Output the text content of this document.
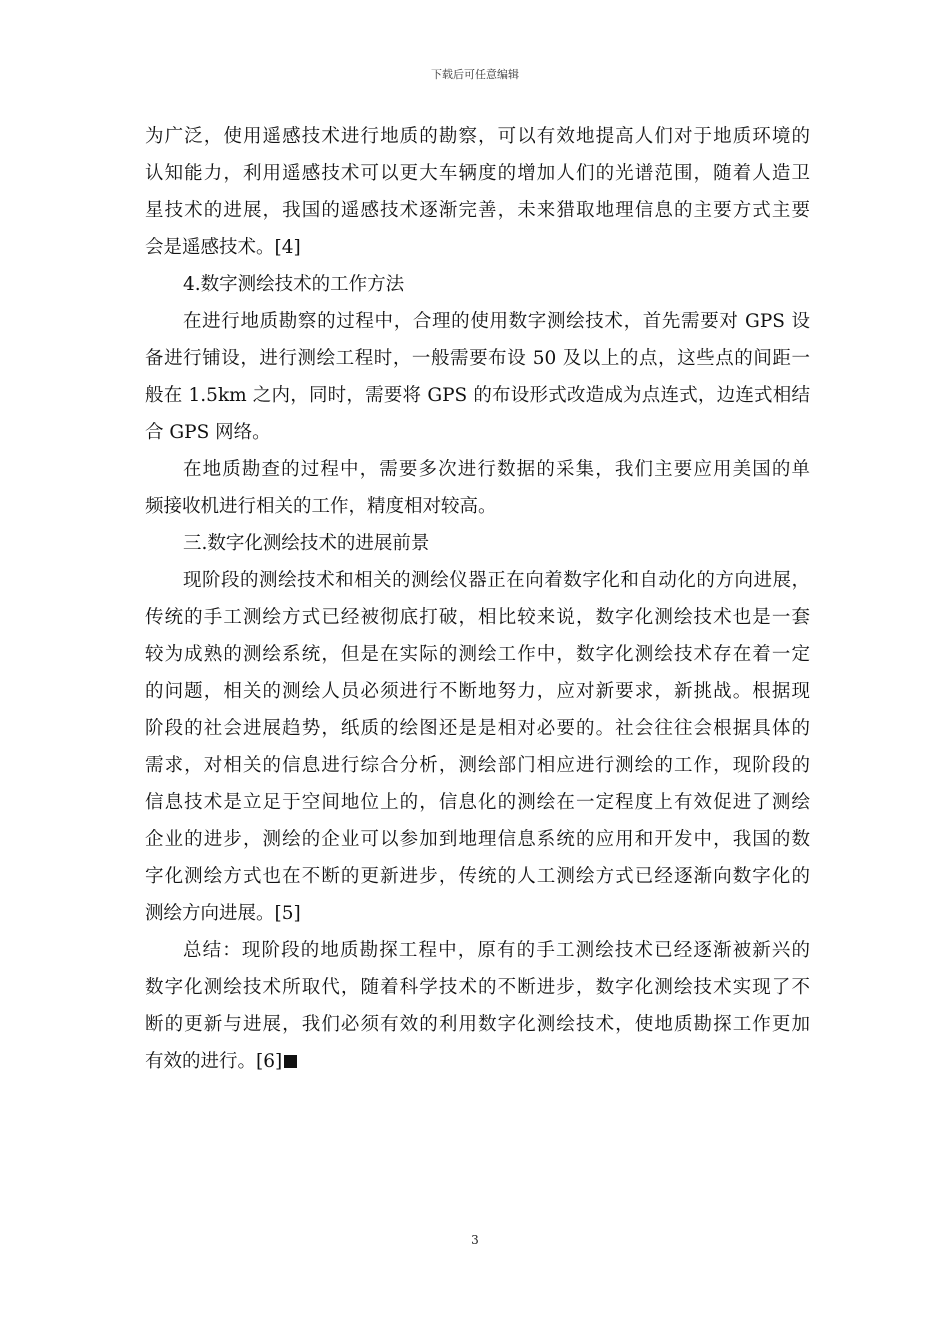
下载后可任意编辑
为广泛，使用遥感技术进行地质的勘察，可以有效地提高人们对于地质环境的
认知能力，利用遥感技术可以更大车辆度的增加人们的光谱范围，随着人造卫
星技术的进展，我国的遥感技术逐渐完善，未来猎取地理信息的主要方式主要
会是遥感技术。[4]
4.数字测绘技术的工作方法
在进行地质勘察的过程中，合理的使用数字测绘技术，首先需要对 GPS 设
备进行铺设，进行测绘工程时，一般需要布设 50 及以上的点，这些点的间距一
般在 1.5km 之内，同时，需要将 GPS 的布设形式改造成为点连式，边连式相结
合 GPS 网络。
在地质勘查的过程中，需要多次进行数据的采集，我们主要应用美国的单
频接收机进行相关的工作，精度相对较高。
三.数字化测绘技术的进展前景
现阶段的测绘技术和相关的测绘仪器正在向着数字化和自动化的方向进展，
传统的手工测绘方式已经被彻底打破，相比较来说，数字化测绘技术也是一套
较为成熟的测绘系统，但是在实际的测绘工作中，数字化测绘技术存在着一定
的问题，相关的测绘人员必须进行不断地努力，应对新要求，新挑战。根据现
阶段的社会进展趋势，纸质的绘图还是是相对必要的。社会往往会根据具体的
需求，对相关的信息进行综合分析，测绘部门相应进行测绘的工作，现阶段的
信息技术是立足于空间地位上的，信息化的测绘在一定程度上有效促进了测绘
企业的进步，测绘的企业可以参加到地理信息系统的应用和开发中，我国的数
字化测绘方式也在不断的更新进步，传统的人工测绘方式已经逐渐向数字化的
测绘方向进展。[5]
总结：现阶段的地质勘探工程中，原有的手工测绘技术已经逐渐被新兴的
数字化测绘技术所取代，随着科学技术的不断进步，数字化测绘技术实现了不
断的更新与进展，我们必须有效的利用数字化测绘技术，使地质勘探工作更加
有效的进行。[6]
3
